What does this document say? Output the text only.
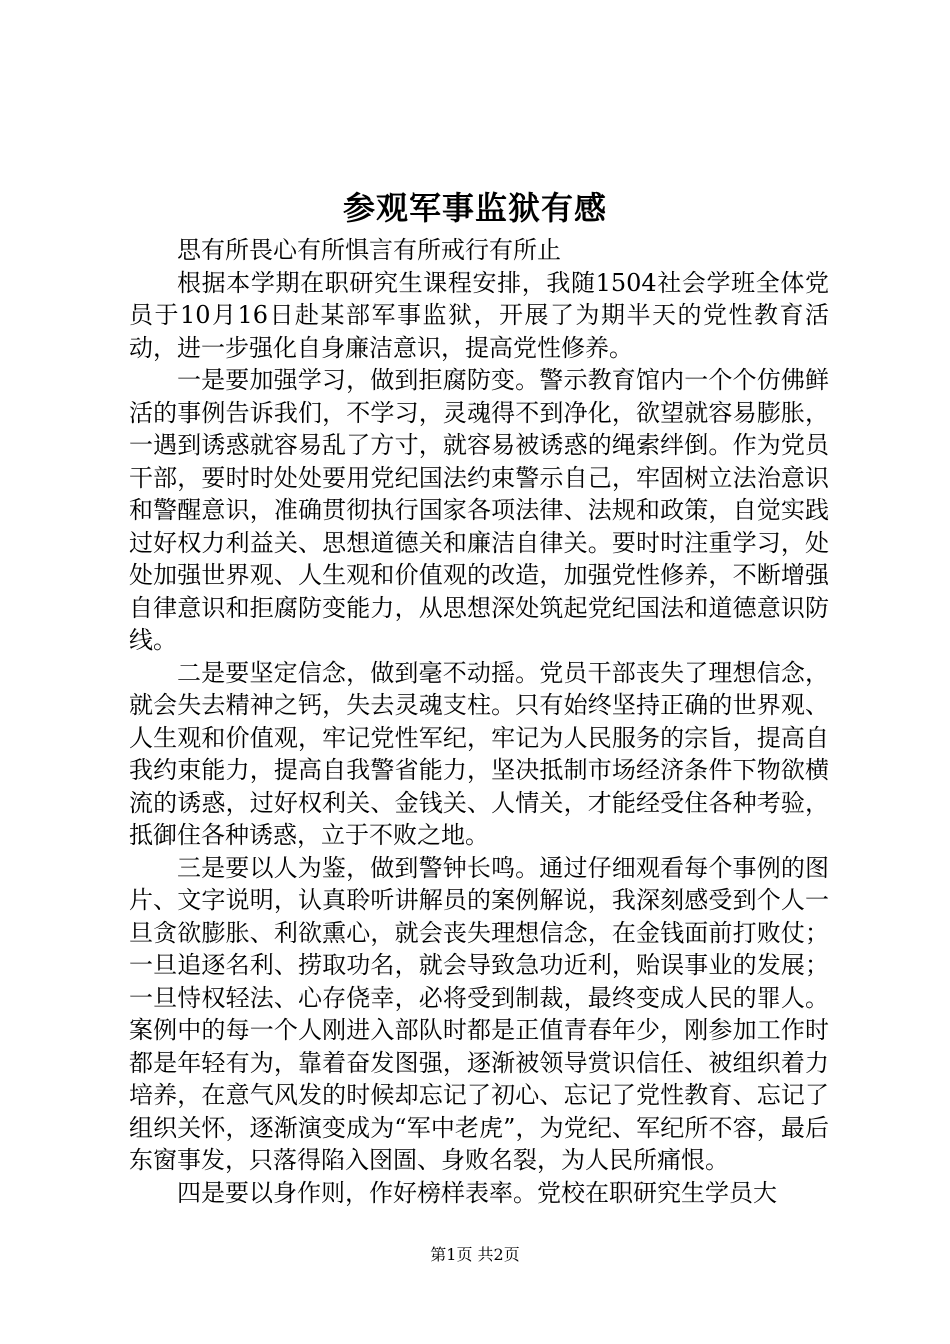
参观军事监狱有感

思有所畏心有所惧言有所戒行有所止

根据本学期在职研究生课程安排，我随1504社会学班全体党员于10月16日赴某部军事监狱，开展了为期半天的党性教育活动，进一步强化自身廉洁意识，提高党性修养。

一是要加强学习，做到拒腐防变。警示教育馆内一个个仿佛鲜活的事例告诉我们，不学习，灵魂得不到净化，欲望就容易膨胀，一遇到诱惑就容易乱了方寸，就容易被诱惑的绳索绊倒。作为党员干部，要时时处处要用党纪国法约束警示自己，牢固树立法治意识和警醒意识，准确贯彻执行国家各项法律、法规和政策，自觉实践过好权力利益关、思想道德关和廉洁自律关。要时时注重学习，处处加强世界观、人生观和价值观的改造，加强党性修养，不断增强自律意识和拒腐防变能力，从思想深处筑起党纪国法和道德意识防线。

二是要坚定信念，做到毫不动摇。党员干部丧失了理想信念，就会失去精神之钙，失去灵魂支柱。只有始终坚持正确的世界观、人生观和价值观，牢记党性军纪，牢记为人民服务的宗旨，提高自我约束能力，提高自我警省能力，坚决抵制市场经济条件下物欲横流的诱惑，过好权利关、金钱关、人情关，才能经受住各种考验，抵御住各种诱惑，立于不败之地。

三是要以人为鉴，做到警钟长鸣。通过仔细观看每个事例的图片、文字说明，认真聆听讲解员的案例解说，我深刻感受到个人一旦贪欲膨胀、利欲熏心，就会丧失理想信念，在金钱面前打败仗；一旦追逐名利、捞取功名，就会导致急功近利，贻误事业的发展；一旦恃权轻法、心存侥幸，必将受到制裁，最终变成人民的罪人。案例中的每一个人刚进入部队时都是正值青春年少，刚参加工作时都是年轻有为，靠着奋发图强，逐渐被领导赏识信任、被组织着力培养，在意气风发的时候却忘记了初心、忘记了党性教育、忘记了组织关怀，逐渐演变成为“军中老虎”，为党纪、军纪所不容，最后东窗事发，只落得陷入囹圄、身败名裂，为人民所痛恨。

四是要以身作则，作好榜样表率。党校在职研究生学员大

第1页 共2页
